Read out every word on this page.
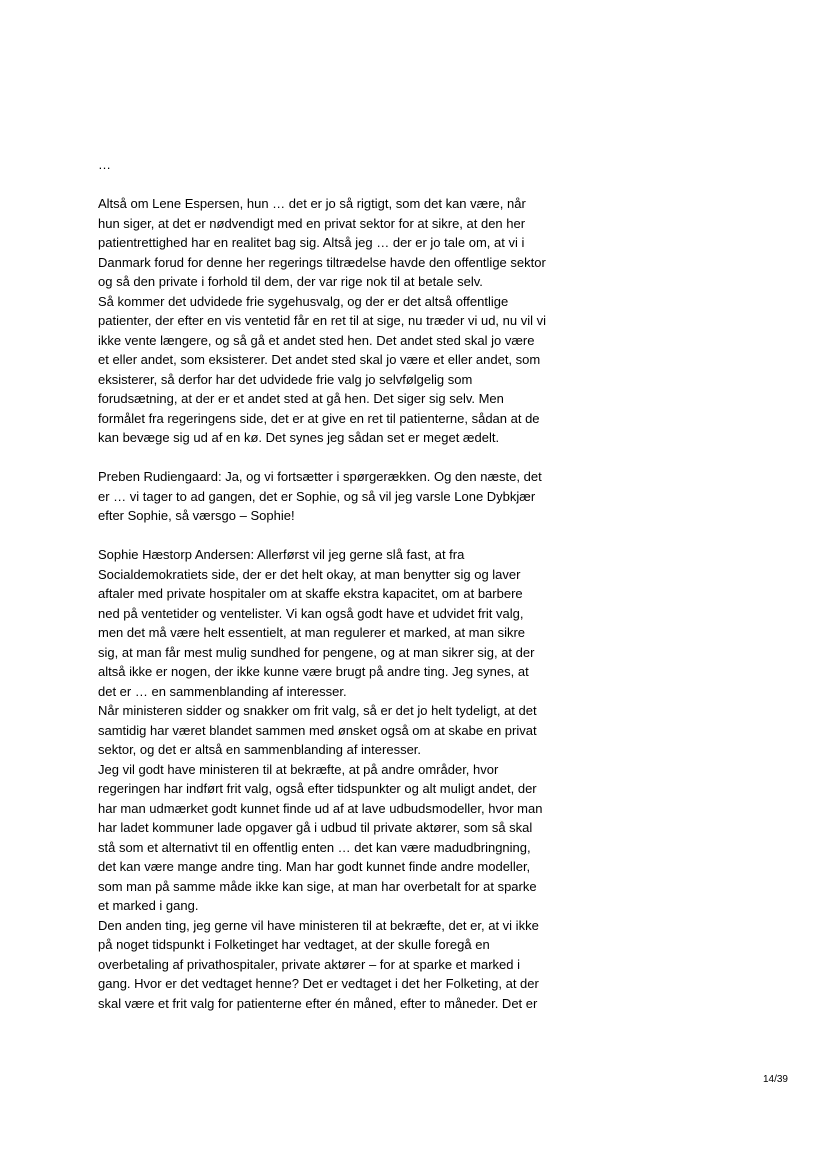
…
Altså om Lene Espersen, hun … det er jo så rigtigt, som det kan være, når
hun siger, at det er nødvendigt med en privat sektor for at sikre, at den her
patientrettighed har en realitet bag sig. Altså jeg … der er jo tale om, at vi i
Danmark forud for denne her regerings tiltrædelse havde den offentlige sektor
og så den private i forhold til dem, der var rige nok til at betale selv.
Så kommer det udvidede frie sygehusvalg, og der er det altså offentlige
patienter, der efter en vis ventetid får en ret til at sige, nu træder vi ud, nu vil vi
ikke vente længere, og så gå et andet sted hen. Det andet sted skal jo være
et eller andet, som eksisterer. Det andet sted skal jo være et eller andet, som
eksisterer, så derfor har det udvidede frie valg jo selvfølgelig som
forudsætning, at der er et andet sted at gå hen. Det siger sig selv. Men
formålet fra regeringens side, det er at give en ret til patienterne, sådan at de
kan bevæge sig ud af en kø. Det synes jeg sådan set er meget ædelt.
Preben Rudiengaard: Ja, og vi fortsætter i spørgerækken. Og den næste, det
er … vi tager to ad gangen, det er Sophie, og så vil jeg varsle Lone Dybkjær
efter Sophie, så værsgo – Sophie!
Sophie Hæstorp Andersen: Allerførst vil jeg gerne slå fast, at fra
Socialdemokratiets side, der er det helt okay, at man benytter sig og laver
aftaler med private hospitaler om at skaffe ekstra kapacitet, om at barbere
ned på ventetider og ventelister. Vi kan også godt have et udvidet frit valg,
men det må være helt essentielt, at man regulerer et marked, at man sikre
sig, at man får mest mulig sundhed for pengene, og at man sikrer sig, at der
altså ikke er nogen, der ikke kunne være brugt på andre ting. Jeg synes, at
det er … en sammenblanding af interesser.
Når ministeren sidder og snakker om frit valg, så er det jo helt tydeligt, at det
samtidig har været blandet sammen med ønsket også om at skabe en privat
sektor, og det er altså en sammenblanding af interesser.
Jeg vil godt have ministeren til at bekræfte, at på andre områder, hvor
regeringen har indført frit valg, også efter tidspunkter og alt muligt andet, der
har man udmærket godt kunnet finde ud af at lave udbudsmodeller, hvor man
har ladet kommuner lade opgaver gå i udbud til private aktører, som så skal
stå som et alternativt til en offentlig enten … det kan være madudbringning,
det kan være mange andre ting. Man har godt kunnet finde andre modeller,
som man på samme måde ikke kan sige, at man har overbetalt for at sparke
et marked i gang.
Den anden ting, jeg gerne vil have ministeren til at bekræfte, det er, at vi ikke
på noget tidspunkt i Folketinget har vedtaget, at der skulle foregå en
overbetaling af privathospitaler, private aktører – for at sparke et marked i
gang. Hvor er det vedtaget henne? Det er vedtaget i det her Folketing, at der
skal være et frit valg for patienterne efter én måned, efter to måneder. Det er
14/39
